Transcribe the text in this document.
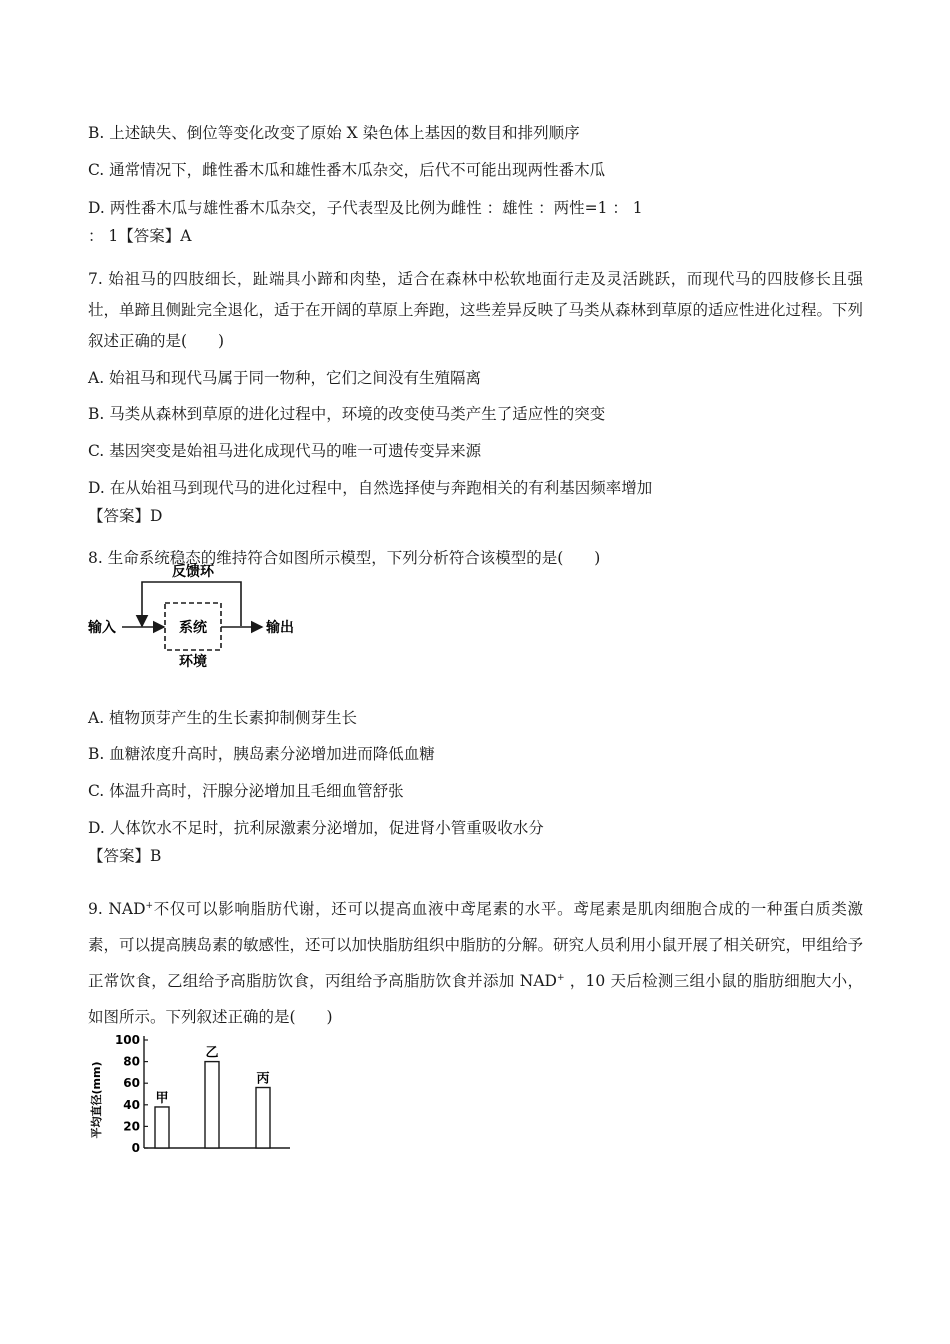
B. 上述缺失、倒位等变化改变了原始 X 染色体上基因的数目和排列顺序
C. 通常情况下，雌性番木瓜和雄性番木瓜杂交，后代不可能出现两性番木瓜
D. 两性番木瓜与雄性番木瓜杂交，子代表型及比例为雌性 ：雄性 ：两性=1 ： 1
： 1【答案】A
7. 始祖马的四肢细长，趾端具小蹄和肉垫，适合在森林中松软地面行走及灵活跳跃，而现代马的四肢修长且强壮，单蹄且侧趾完全退化，适于在开阔的草原上奔跑，这些差异反映了马类从森林到草原的适应性进化过程。下列叙述正确的是(　　)
A. 始祖马和现代马属于同一物种，它们之间没有生殖隔离
B. 马类从森林到草原的进化过程中，环境的改变使马类产生了适应性的突变
C. 基因突变是始祖马进化成现代马的唯一可遗传变异来源
D. 在从始祖马到现代马的进化过程中，自然选择使与奔跑相关的有利基因频率增加
【答案】D
8. 生命系统稳态的维持符合如图所示模型，下列分析符合该模型的是(　　)
反馈环
输入	系统	输出
环境
A. 植物顶芽产生的生长素抑制侧芽生长
B. 血糖浓度升高时，胰岛素分泌增加进而降低血糖
C. 体温升高时，汗腺分泌增加且毛细血管舒张
D. 人体饮水不足时，抗利尿激素分泌增加，促进肾小管重吸收水分
【答案】B
9. NAD+不仅可以影响脂肪代谢，还可以提高血液中鸢尾素的水平。鸢尾素是肌肉细胞合成的一种蛋白质类激素，可以提高胰岛素的敏感性，还可以加快脂肪组织中脂肪的分解。研究人员利用小鼠开展了相关研究，甲组给予正常饮食，乙组给予高脂肪饮食，丙组给予高脂肪饮食并添加 NAD+ ，10 天后检测三组小鼠的脂肪细胞大小，如图所示。下列叙述正确的是(　　)
平均直径(mm)
0
20
40
60
80
100
甲
乙
丙
